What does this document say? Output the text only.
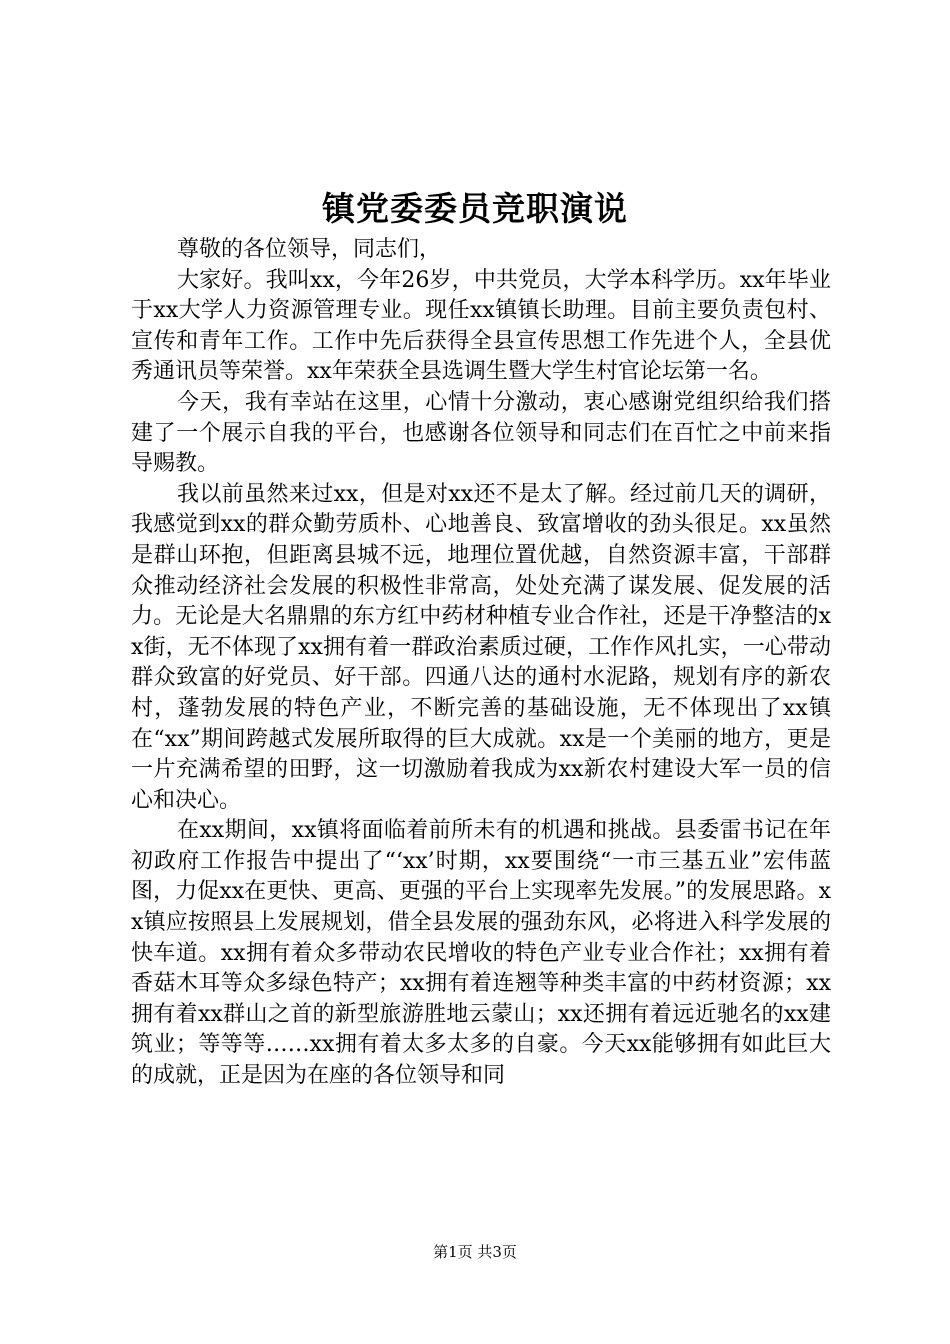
镇党委委员竞职演说

尊敬的各位领导，同志们，

大家好。我叫xx，今年26岁，中共党员，大学本科学历。xx年毕业于xx大学人力资源管理专业。现任xx镇镇长助理。目前主要负责包村、宣传和青年工作。工作中先后获得全县宣传思想工作先进个人，全县优秀通讯员等荣誉。xx年荣获全县选调生暨大学生村官论坛第一名。

今天，我有幸站在这里，心情十分激动，衷心感谢党组织给我们搭建了一个展示自我的平台，也感谢各位领导和同志们在百忙之中前来指导赐教。

我以前虽然来过xx，但是对xx还不是太了解。经过前几天的调研，我感觉到xx的群众勤劳质朴、心地善良、致富增收的劲头很足。xx虽然是群山环抱，但距离县城不远，地理位置优越，自然资源丰富，干部群众推动经济社会发展的积极性非常高，处处充满了谋发展、促发展的活力。无论是大名鼎鼎的东方红中药材种植专业合作社，还是干净整洁的xx街，无不体现了xx拥有着一群政治素质过硬，工作作风扎实，一心带动群众致富的好党员、好干部。四通八达的通村水泥路，规划有序的新农村，蓬勃发展的特色产业，不断完善的基础设施，无不体现出了xx镇在“xx”期间跨越式发展所取得的巨大成就。xx是一个美丽的地方，更是一片充满希望的田野，这一切激励着我成为xx新农村建设大军一员的信心和决心。

在xx期间，xx镇将面临着前所未有的机遇和挑战。县委雷书记在年初政府工作报告中提出了“‘xx’时期，xx要围绕“一市三基五业”宏伟蓝图，力促xx在更快、更高、更强的平台上实现率先发展。”的发展思路。xx镇应按照县上发展规划，借全县发展的强劲东风，必将进入科学发展的快车道。xx拥有着众多带动农民增收的特色产业专业合作社；xx拥有着香菇木耳等众多绿色特产；xx拥有着连翘等种类丰富的中药材资源；xx拥有着xx群山之首的新型旅游胜地云蒙山；xx还拥有着远近驰名的xx建筑业；等等等……xx拥有着太多太多的自豪。今天xx能够拥有如此巨大的成就，正是因为在座的各位领导和同

第1页 共3页
